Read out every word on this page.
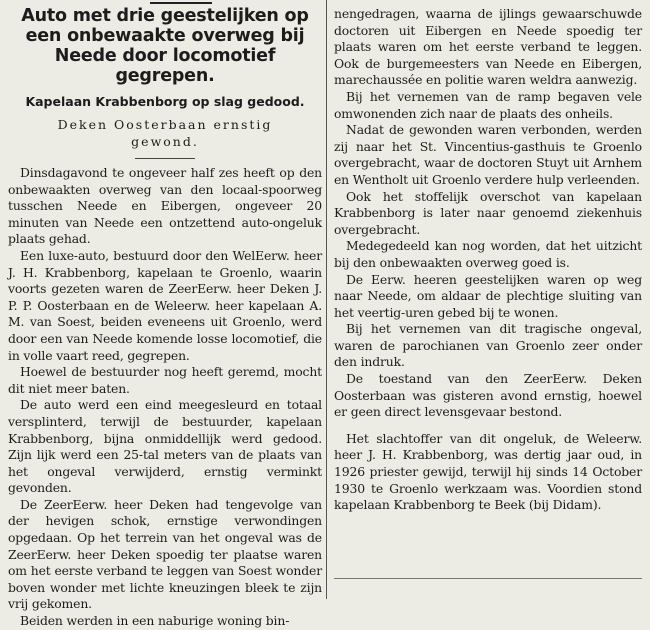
Auto met drie geestelijken op een onbewaakte overweg bij Neede door locomotief gegrepen.
Kapelaan Krabbenborg op slag gedood.
Deken Oosterbaan ernstig gewond.

Dinsdagavond te ongeveer half zes heeft op den onbewaakten overweg van den locaal-spoorweg tusschen Neede en Eibergen, ongeveer 20 minuten van Neede een ontzettend auto-ongeluk plaats gehad.

Een luxe-auto, bestuurd door den WelEerw. heer J. H. Krabbenborg, kapelaan te Groenlo, waarin voorts gezeten waren de ZeerEerw. heer Deken J. P. P. Oosterbaan en de Weleerw. heer kapelaan A. M. van Soest, beiden eveneens uit Groenlo, werd door een van Neede komende losse locomotief, die in volle vaart reed, gegrepen.

Hoewel de bestuurder nog heeft geremd, mocht dit niet meer baten.

De auto werd een eind meegesleurd en totaal versplinterd, terwijl de bestuurder, kapelaan Krabbenborg, bijna onmiddellijk werd gedood. Zijn lijk werd een 25-tal meters van de plaats van het ongeval verwijderd, ernstig verminkt gevonden.

De ZeerEerw. heer Deken had tengevolge van der hevigen schok, ernstige verwondingen opgedaan. Op het terrein van het ongeval was de ZeerEerw. heer Deken spoedig ter plaatse waren om het eerste verband te leggen van Soest wonder boven wonder met lichte kneuzingen bleek te zijn vrij gekomen.

Beiden werden in een naburige woning bin-

nengedragen, waarna de ijlings gewaarschuwde doctoren uit Eibergen en Neede spoedig ter plaats waren om het eerste verband te leggen. Ook de burgemeesters van Neede en Eibergen, marechaussée en politie waren weldra aanwezig.

Bij het vernemen van de ramp begaven vele omwonenden zich naar de plaats des onheils.

Nadat de gewonden waren verbonden, werden zij naar het St. Vincentius-gasthuis te Groenlo overgebracht, waar de doctoren Stuyt uit Arnhem en Wentholt uit Groenlo verdere hulp verleenden.

Ook het stoffelijk overschot van kapelaan Krabbenborg is later naar genoemd ziekenhuis overgebracht.

Medegedeeld kan nog worden, dat het uitzicht bij den onbewaakten overweg goed is.

De Eerw. heeren geestelijken waren op weg naar Neede, om aldaar de plechtige sluiting van het veertig-uren gebed bij te wonen.

Bij het vernemen van dit tragische ongeval, waren de parochianen van Groenlo zeer onder den indruk.

De toestand van den ZeerEerw. Deken Oosterbaan was gisteren avond ernstig, hoewel er geen direct levensgevaar bestond.

Het slachtoffer van dit ongeluk, de Weleerw. heer J. H. Krabbenborg, was dertig jaar oud, in 1926 priester gewijd, terwijl hij sinds 14 October 1930 te Groenlo werkzaam was. Voordien stond kapelaan Krabbenborg te Beek (bij Didam).
